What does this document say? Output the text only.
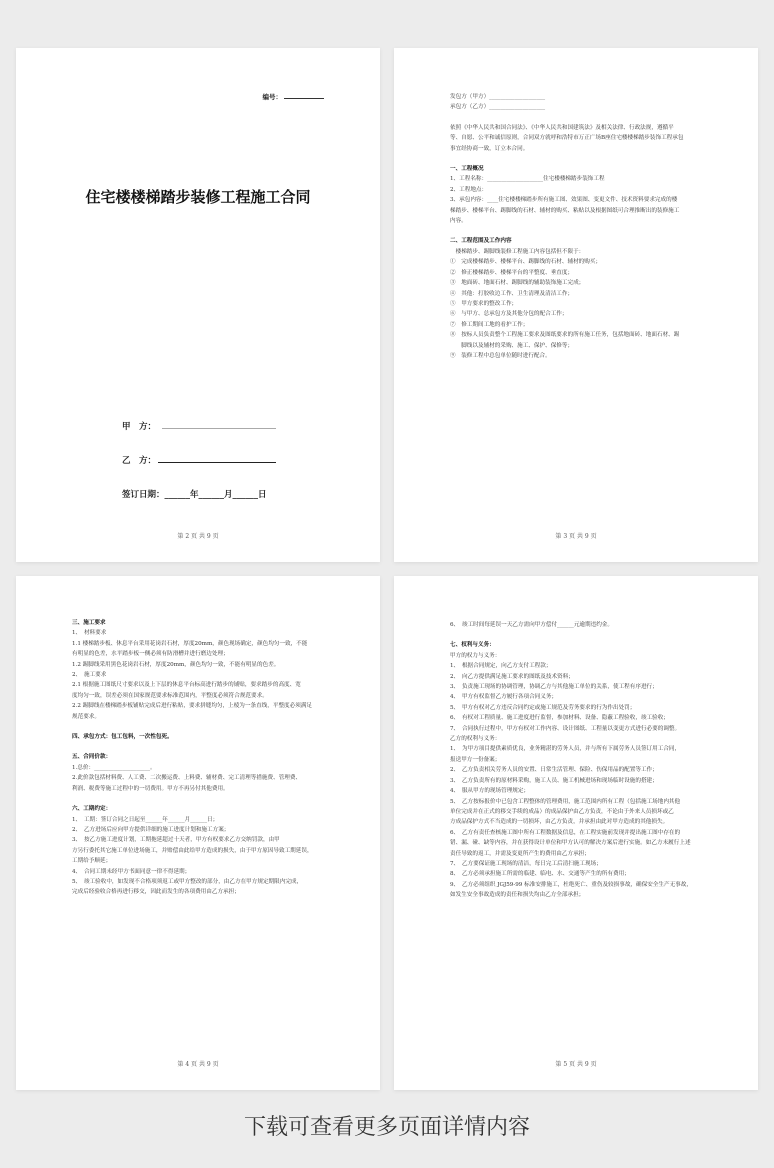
编号：
住宅楼楼梯踏步装修工程施工合同
甲　方：
乙　方：
签订日期：______年______月______日
第 2 页 共 9 页

发包方（甲方）____________________

承包方（乙方）____________________

依照《中华人民共和国合同法》、《中华人民共和国建筑法》及相关法律、行政法规，遵循平

等、自愿、公平和诚信原则，合同双方就呼和浩特市万正广场B座住宅楼楼梯踏步装饰工程承包

事宜经协商一致，订立本合同。

一、工程概况

1、工程名称：____________________住宅楼楼梯踏步装饰工程

2、工程地点：

3、承包内容：____住宅楼楼梯踏步所有施工图、效果图、变更文件、技术资料要求完成的楼

梯踏步、楼梯平台、踢脚线的石材、辅材的购买、粘贴以及根据图纸可合理推断出的装修施工

内容。

二、工程范围及工作内容

　楼梯踏步、踢脚线装修工程施工内容包括但不限于：

①　完成楼梯踏步、楼梯平台、踢脚线的石材、辅材的购买；

②　修正楼梯踏步、楼梯平台的平整度、垂直度；

③　地面砖、地面石材、踢脚线的辅助装饰施工完成；

④　其他：打胶收边工作、卫生清理及清洁工作；

⑤　甲方要求的整改工作；

⑥　与甲方、总承包方及其他分包的配合工作；

⑦　修工期间工地的看护工作；

⑧　按标人员负责整个工程施工要求及图纸要求的所有施工任务，包括地面砖、地面石材、踢

　　脚线以及辅材的采购、施工、保护、保修等；

⑨　装修工程中总包单位随时进行配合。

第 3 页 共 9 页

三、施工要求

1、　材料要求

1.1 楼梯踏步板、休息平台采用花岗岩石材，厚度20mm，颜色现场确定，颜色均匀一致，不能

有明显的色差，水平踏步板一侧必须有防滑槽并进行磨边处理；

1.2 踢脚线采用黑色花岗岩石材，厚度20mm，颜色均匀一致，不能有明显的色差。

2、　施工要求

2.1 根据施工图纸尺寸要求以及上下层的休息平台标高进行踏步的铺贴，要求踏步的高度、宽

度均匀一致，误差必须在国家规范要求标准范围内，平整度必须符合规范要求。

2.2 踢脚线在楼梯踏步板铺贴完成后进行粘贴，要求拼缝均匀，上棱为一条直线，平整度必须满足

规范要求。

四、承包方式：包工包料，一次性包死。

五、合同价款：

1.总价：____________________。

2.此价款包括材料费、人工费、二次搬运费、上料费、辅材费、完工清理等措施费、管理费、

利润、税费等施工过程中的一切费用。甲方不再另付其他费用。

六、工期约定：

1、　工期：签订合同之日起至______年______月______日；

2、　乙方进场后应向甲方提供详细的施工进度计划和施工方案；

3、　按乙方施工进度计划，工期拖延超过十天者，甲方有权要求乙方交纳罚款，由甲

方另行委托其它施工单位进场施工，并赔偿由此给甲方造成的损失，由于甲方原因导致工期延误，

工期给予顺延；

4、　合同工期未经甲方书面同意一律不得延期；

5、　竣工验收中，如发现不合格项须返工或甲方整改的部分，由乙方在甲方规定期限内完成，

完成后经验收合格再进行移交，因此而发生的各项费用由乙方承担；

第 4 页 共 9 页

6、　竣工时间每延误一天乙方需向甲方偿付______元逾期违约金。

七、权利与义务：

甲方的权力与义务：

1、　根据合同规定，向乙方支付工程款；

2、　向乙方提供满足施工要求的图纸及技术资料；

3、　负责施工现场的协调管理，协调乙方与其他施工单位的关系，使工程有序进行；

4、　甲方有权监督乙方履行各项合同义务；

5、　甲方有权对乙方违反合同约定或施工规范及劳务要求的行为作出处罚；

6、　有权对工程质量、施工进度进行监督，参加材料、设备、隐蔽工程验收，竣工验收；

7、　合同执行过程中，甲方有权对工作内容、设计图纸、工程量以变更方式进行必要的调整。

乙方的权利与义务：

1、　为甲方项目提供素质优良，业务精湛的劳务人员，并与所有下属劳务人员签订用工合同，

报送甲方一份备案；

2、　乙方负责相关劳务人员的安置、日常生活管理、保险、伤保用品的配置等工作；

3、　乙方负责所有的原材料采购，施工人员、施工机械进场和现场临时设施的搭建；

4、　服从甲方的现场管理规定；

5、　乙方按标报价中已包含工程整体的管理费用，施工范围内所有工程（包括施工场地内其他

单位完成并在正式的移交手续的成品）的成品保护由乙方负责，不论由于外来人员损坏或乙

方成品保护方式不当造成的一切损坏，由乙方负责，并承担由此对甲方造成的其他损失。

6、　乙方有责任查核施工图中所有工程数据及信息，在工程实施前发现并提出施工图中存在的

错、漏、碰、缺等内容，并在获得设计单位和甲方认可的解决方案后进行实施。如乙方未履行上述

责任导致的返工，并需及变更所产生的费用由乙方承担；

7、　乙方要保证施工现场的清洁，每日完工后清扫施工现场；

8、　乙方必须承担施工所需的临建、临电、水、交通等产生的所有费用；

9、　乙方必须组织 JGJ59-99 标准安排施工，杜绝死亡、重伤及较损事故，确保安全生产无事故，

如发生安全事故造成的责任和损失均由乙方全部承担；

第 5 页 共 9 页
下载可查看更多页面详情内容
